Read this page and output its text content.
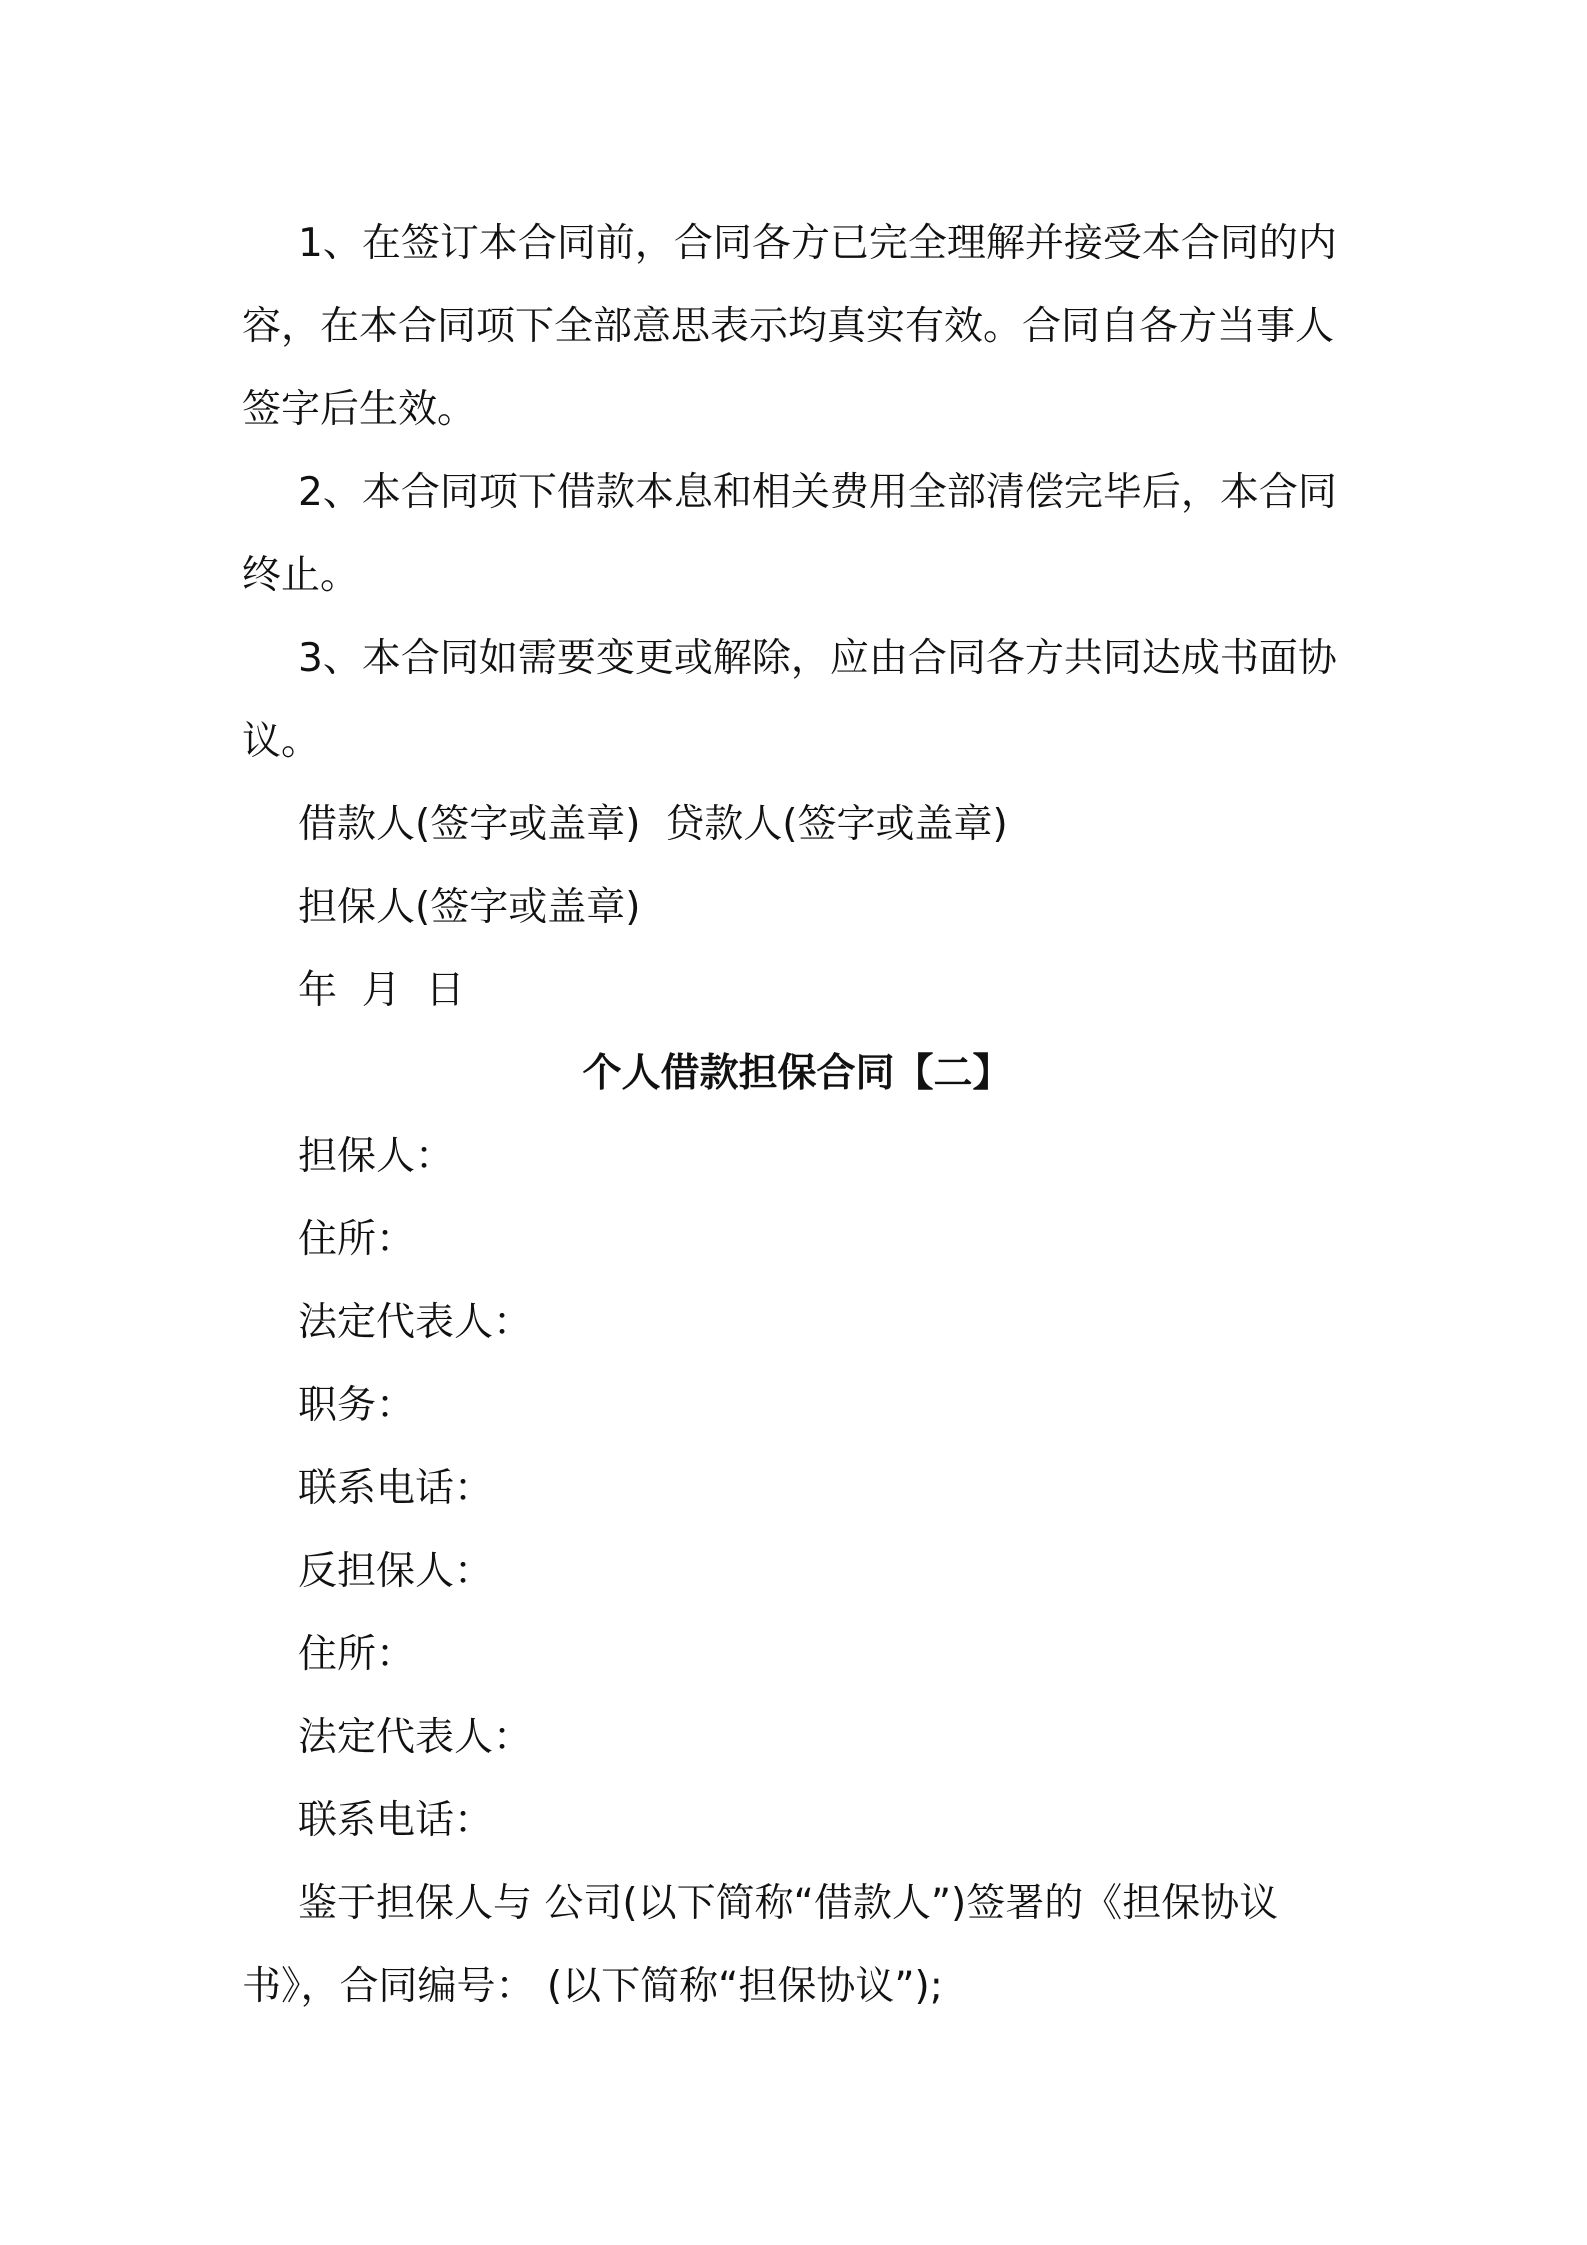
1、在签订本合同前，合同各方已完全理解并接受本合同的内容，在本合同项下全部意思表示均真实有效。合同自各方当事人签字后生效。

2、本合同项下借款本息和相关费用全部清偿完毕后，本合同终止。

3、本合同如需要变更或解除，应由合同各方共同达成书面协议。

借款人(签字或盖章)  贷款人(签字或盖章)

担保人(签字或盖章)

年  月  日

个人借款担保合同【二】

担保人：

住所：

法定代表人：

职务：

联系电话：

反担保人：

住所：

法定代表人：

联系电话：

鉴于担保人与 公司(以下简称“借款人”)签署的《担保协议书》，合同编号： (以下简称“担保协议”);
